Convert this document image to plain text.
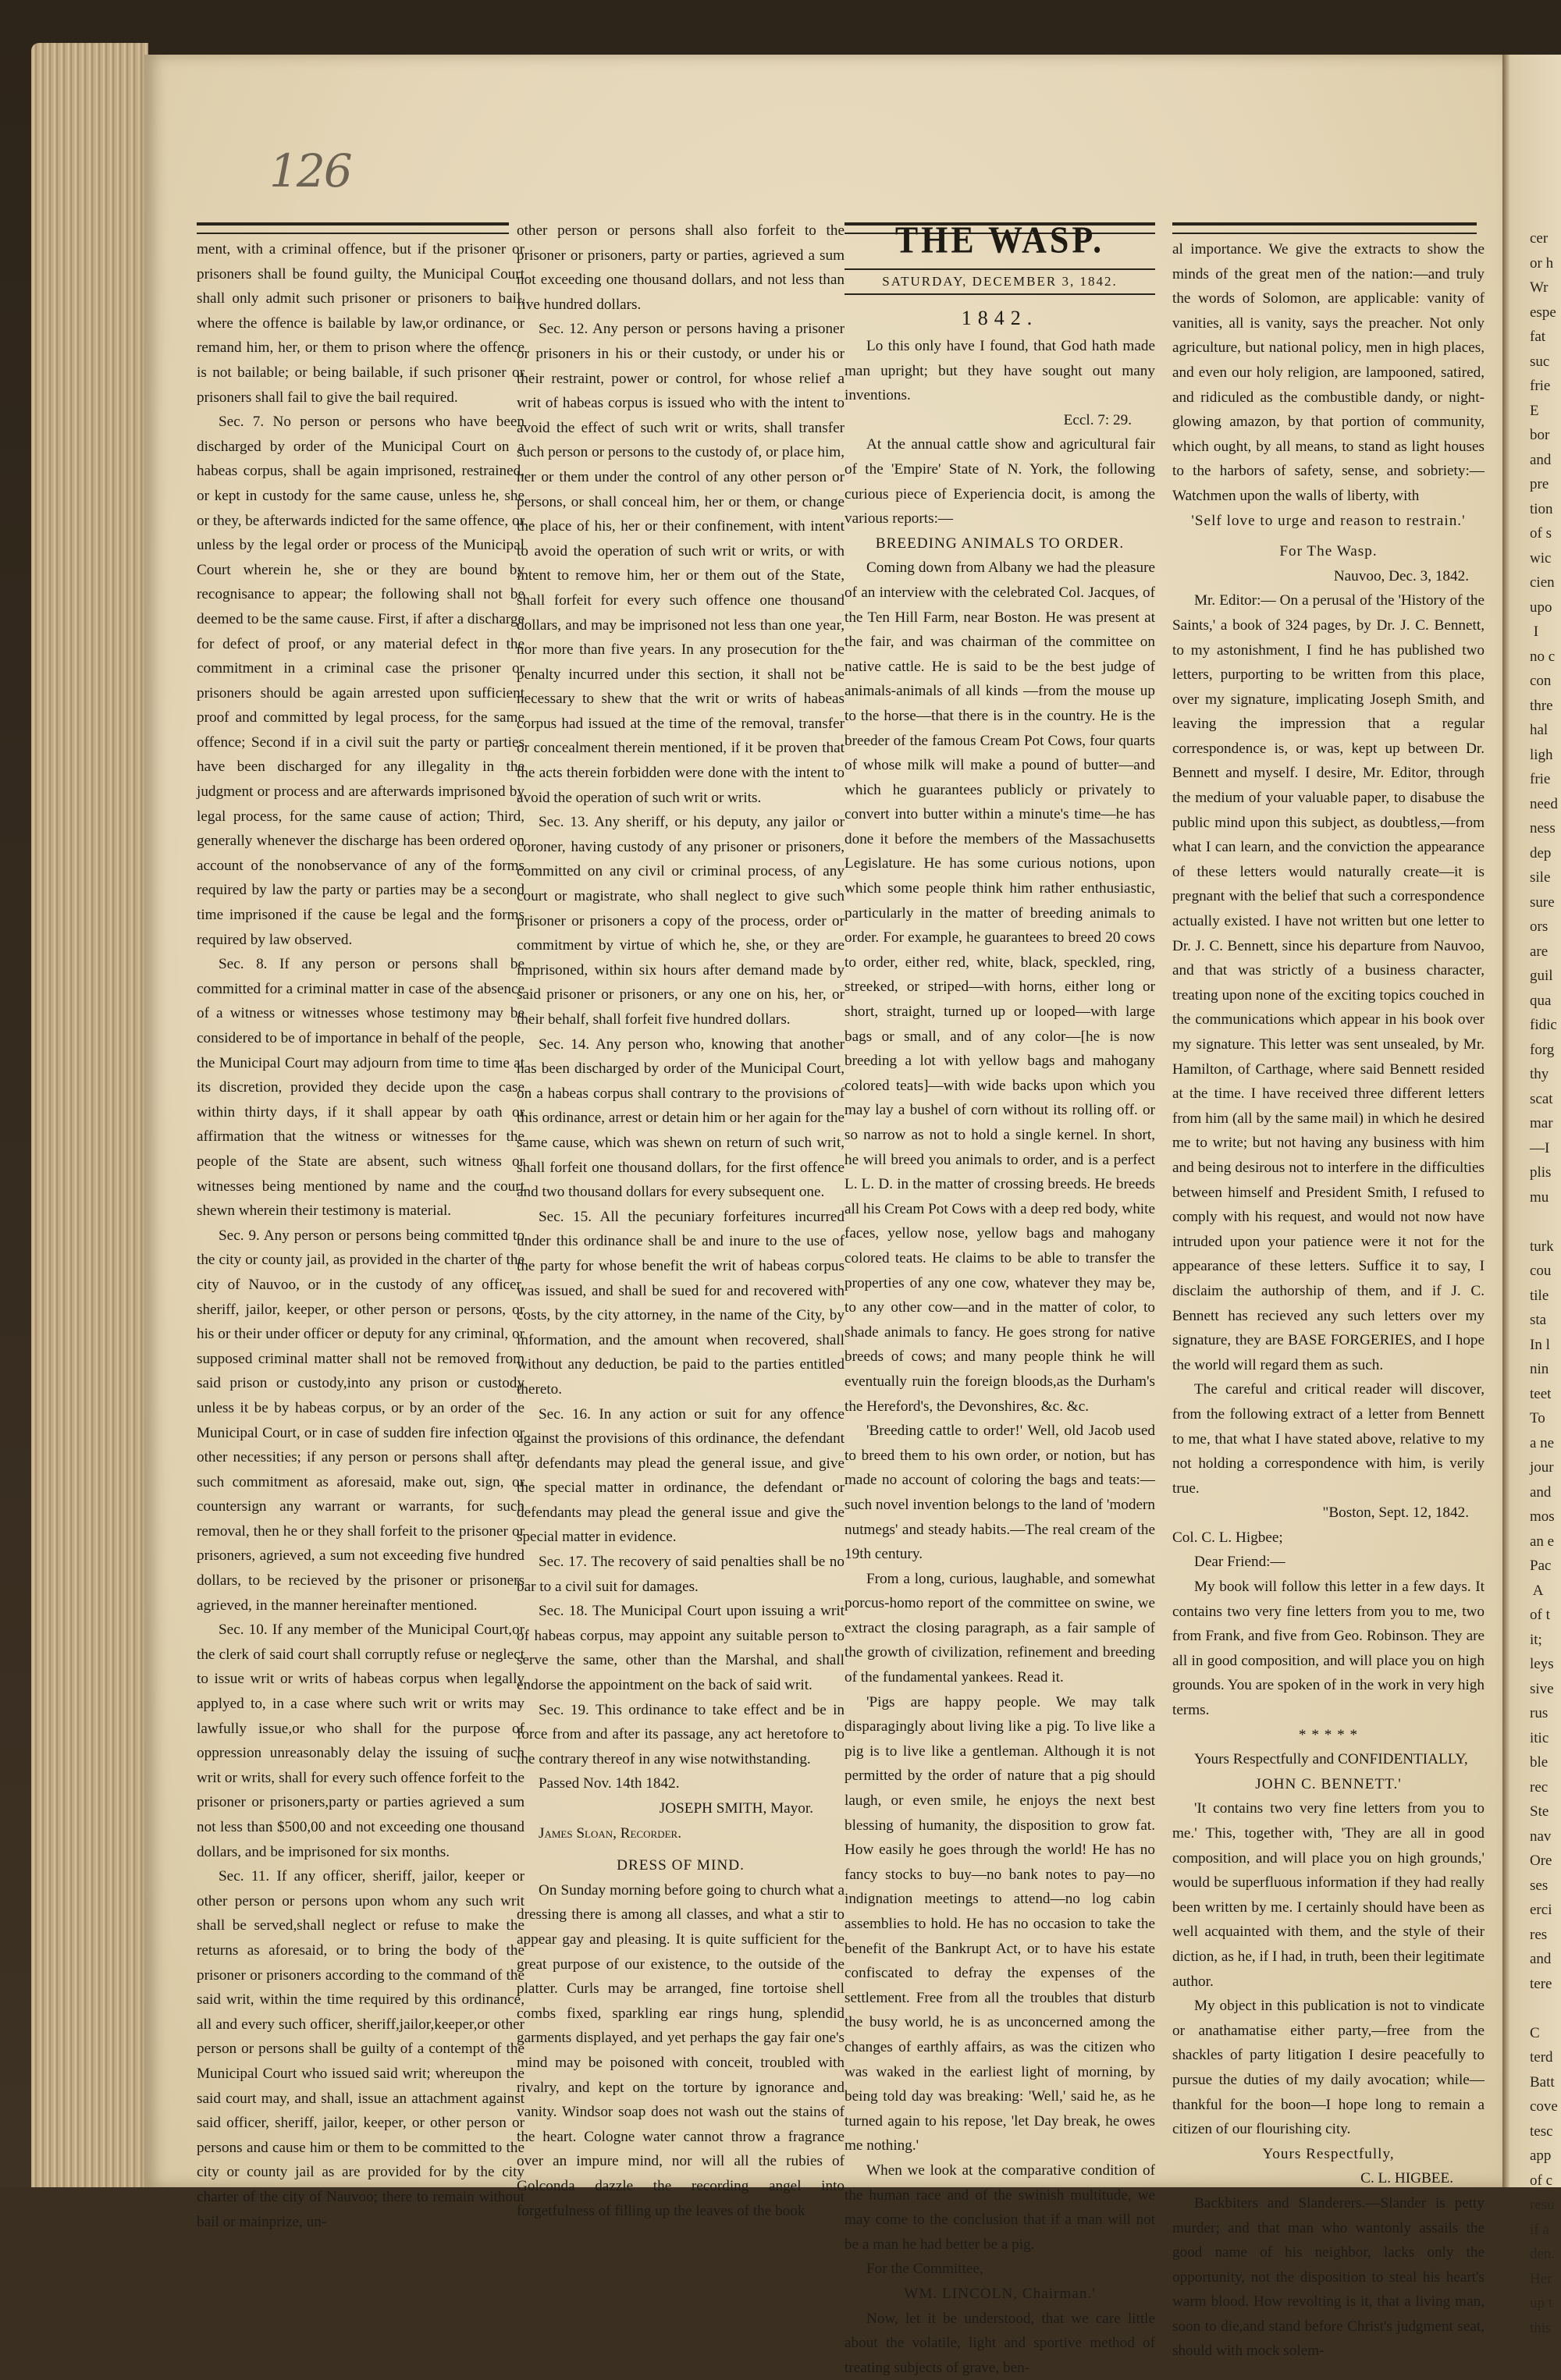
cer
or h
Wr
espe
fat
suc
frie
E
bor
and
pre
tion
of s
wic
cien
upo
I
no c
con
thre
hal
ligh
frie
need
ness
dep
sile
sure
ors
are
guil
qua
fidic
forg
thy
scat
mar
—I
plis
mu

turk
cou
tile
sta
In l
nin
teet
To
a ne
jour
and
mos
an e
Pac
A
of t
it;
leys
sive
rus
itic
ble
rec
Ste
nav
Ore
ses
erci
res
and
tere

C
terd
Batt
cove
tesc
app
of c
resu
if a
den.
Her
up t
this
126

ment, with a criminal offence, but if the prisoner or prisoners shall be found guilty, the Municipal Court shall only admit such prisoner or prisoners to bail, where the offence is bailable by law,or ordinance, or remand him, her, or them to prison where the offence is not bailable; or being bailable, if such prisoner or prisoners shall fail to give the bail required.

Sec. 7. No person or persons who have been discharged by order of the Municipal Court on a habeas corpus, shall be again imprisoned, restrained, or kept in custody for the same cause, unless he, she or they, be afterwards indicted for the same offence, or unless by the legal order or process of the Municipal Court wherein he, she or they are bound by recognisance to appear; the following shall not be deemed to be the same cause. First, if after a discharge for defect of proof, or any material defect in the commitment in a criminal case the prisoner or prisoners should be again arrested upon sufficient proof and committed by legal process, for the same offence; Second if in a civil suit the party or parties have been discharged for any illegality in the judgment or process and are afterwards imprisoned by legal process, for the same cause of action; Third, generally whenever the discharge has been ordered on account of the nonobservance of any of the forms required by law the party or parties may be a second time imprisoned if the cause be legal and the forms required by law observed.

Sec. 8. If any person or persons shall be committed for a criminal matter in case of the absence of a witness or witnesses whose testimony may be considered to be of importance in behalf of the people, the Municipal Court may adjourn from time to time at its discretion, provided they decide upon the case within thirty days, if it shall appear by oath or affirmation that the witness or witnesses for the people of the State are absent, such witness or witnesses being mentioned by name and the court shewn wherein their testimony is material.

Sec. 9. Any person or persons being committed to the city or county jail, as provided in the charter of the city of Nauvoo, or in the custody of any officer, sheriff, jailor, keeper, or other person or persons, or his or their under officer or deputy for any criminal, or supposed criminal matter shall not be removed from said prison or custody,into any prison or custody unless it be by habeas corpus, or by an order of the Municipal Court, or in case of sudden fire infection or other necessities; if any person or persons shall after such commitment as aforesaid, make out, sign, or countersign any warrant or warrants, for such removal, then he or they shall forfeit to the prisoner or prisoners, agrieved, a sum not exceeding five hundred dollars, to be recieved by the prisoner or prisoners agrieved, in the manner hereinafter mentioned.

Sec. 10. If any member of the Municipal Court,or the clerk of said court shall corruptly refuse or neglect to issue writ or writs of habeas corpus when legally applyed to, in a case where such writ or writs may lawfully issue,or who shall for the purpose of oppression unreasonably delay the issuing of such writ or writs, shall for every such offence forfeit to the prisoner or prisoners,party or parties agrieved a sum not less than $500,00 and not exceeding one thousand dollars, and be imprisoned for six months.

Sec. 11. If any officer, sheriff, jailor, keeper or other person or persons upon whom any such writ shall be served,shall neglect or refuse to make the returns as aforesaid, or to bring the body of the prisoner or prisoners according to the command of the said writ, within the time required by this ordinance, all and every such officer, sheriff,jailor,keeper,or other person or persons shall be guilty of a contempt of the Municipal Court who issued said writ; whereupon the said court may, and shall, issue an attachment against said officer, sheriff, jailor, keeper, or other person or persons and cause him or them to be committed to the city or county jail as are provided for by the city charter of the city of Nauvoo; there to remain without bail or mainprize, un-

other person or persons shall also forfeit to the prisoner or prisoners, party or parties, agrieved a sum not exceeding one thousand dollars, and not less than five hundred dollars.

Sec. 12. Any person or persons having a prisoner or prisoners in his or their custody, or under his or their restraint, power or control, for whose relief a writ of habeas corpus is issued who with the intent to avoid the effect of such writ or writs, shall transfer such person or persons to the custody of, or place him, her or them under the control of any other person or persons, or shall conceal him, her or them, or change the place of his, her or their confinement, with intent to avoid the operation of such writ or writs, or with intent to remove him, her or them out of the State, shall forfeit for every such offence one thousand dollars, and may be imprisoned not less than one year, nor more than five years. In any prosecution for the penalty incurred under this section, it shall not be necessary to shew that the writ or writs of habeas corpus had issued at the time of the removal, transfer or concealment therein mentioned, if it be proven that the acts therein forbidden were done with the intent to avoid the operation of such writ or writs.

Sec. 13. Any sheriff, or his deputy, any jailor or coroner, having custody of any prisoner or prisoners, committed on any civil or criminal process, of any court or magistrate, who shall neglect to give such prisoner or prisoners a copy of the process, order or commitment by virtue of which he, she, or they are imprisoned, within six hours after demand made by said prisoner or prisoners, or any one on his, her, or their behalf, shall forfeit five hundred dollars.

Sec. 14. Any person who, knowing that another has been discharged by order of the Municipal Court, on a habeas corpus shall contrary to the provisions of this ordinance, arrest or detain him or her again for the same cause, which was shewn on return of such writ, shall forfeit one thousand dollars, for the first offence and two thousand dollars for every subsequent one.

Sec. 15. All the pecuniary forfeitures incurred under this ordinance shall be and inure to the use of the party for whose benefit the writ of habeas corpus was issued, and shall be sued for and recovered with costs, by the city attorney, in the name of the City, by information, and the amount when recovered, shall without any deduction, be paid to the parties entitled thereto.

Sec. 16. In any action or suit for any offence against the provisions of this ordinance, the defendant or defendants may plead the general issue, and give the special matter in ordinance, the defendant or defendants may plead the general issue and give the special matter in evidence.

Sec. 17. The recovery of said penalties shall be no bar to a civil suit for damages.

Sec. 18. The Municipal Court upon issuing a writ of habeas corpus, may appoint any suitable person to serve the same, other than the Marshal, and shall endorse the appointment on the back of said writ.

Sec. 19. This ordinance to take effect and be in force from and after its passage, any act heretofore to the contrary thereof in any wise notwithstanding.

Passed Nov. 14th 1842.

JOSEPH SMITH, Mayor.

James Sloan, Recorder.

DRESS OF MIND.

On Sunday morning before going to church what a dressing there is among all classes, and what a stir to appear gay and pleasing. It is quite sufficient for the great purpose of our existence, to the outside of the platter. Curls may be arranged, fine tortoise shell combs fixed, sparkling ear rings hung, splendid garments displayed, and yet perhaps the gay fair one's mind may be poisoned with conceit, troubled with rivalry, and kept on the torture by ignorance and vanity. Windsor soap does not wash out the stains of the heart. Cologne water cannot throw a fragrance over an impure mind, nor will all the rubies of Golconda dazzle the recording angel into forgetfulness of filling up the leaves of the book

THE WASP.
SATURDAY, DECEMBER 3, 1842.
1842.

Lo this only have I found, that God hath made man upright; but they have sought out many inventions.

Eccl. 7: 29.

At the annual cattle show and agricultural fair of the 'Empire' State of N. York, the following curious piece of Experiencia docit, is among the various reports:—

BREEDING ANIMALS TO ORDER.

Coming down from Albany we had the pleasure of an interview with the celebrated Col. Jacques, of the Ten Hill Farm, near Boston. He was present at the fair, and was chairman of the committee on native cattle. He is said to be the best judge of animals-animals of all kinds —from the mouse up to the horse—that there is in the country. He is the breeder of the famous Cream Pot Cows, four quarts of whose milk will make a pound of butter—and which he guarantees publicly or privately to convert into butter within a minute's time—he has done it before the members of the Massachusetts Legislature. He has some curious notions, upon which some people think him rather enthusiastic, particularly in the matter of breeding animals to order. For example, he guarantees to breed 20 cows to order, either red, white, black, speckled, ring, streeked, or striped—with horns, either long or short, straight, turned up or looped—with large bags or small, and of any color—[he is now breeding a lot with yellow bags and mahogany colored teats]—with wide backs upon which you may lay a bushel of corn without its rolling off. or so narrow as not to hold a single kernel. In short, he will breed you animals to order, and is a perfect L. L. D. in the matter of crossing breeds. He breeds all his Cream Pot Cows with a deep red body, white faces, yellow nose, yellow bags and mahogany colored teats. He claims to be able to transfer the properties of any one cow, whatever they may be, to any other cow—and in the matter of color, to shade animals to fancy. He goes strong for native breeds of cows; and many people think he will eventually ruin the foreign bloods,as the Durham's the Hereford's, the Devonshires, &c. &c.

'Breeding cattle to order!' Well, old Jacob used to breed them to his own order, or notion, but has made no account of coloring the bags and teats:—such novel invention belongs to the land of 'modern nutmegs' and steady habits.—The real cream of the 19th century.

From a long, curious, laughable, and somewhat porcus-homo report of the committee on swine, we extract the closing paragraph, as a fair sample of the growth of civilization, refinement and breeding of the fundamental yankees. Read it.

'Pigs are happy people. We may talk disparagingly about living like a pig. To live like a pig is to live like a gentleman. Although it is not permitted by the order of nature that a pig should laugh, or even smile, he enjoys the next best blessing of humanity, the disposition to grow fat. How easily he goes through the world! He has no fancy stocks to buy—no bank notes to pay—no indignation meetings to attend—no log cabin assemblies to hold. He has no occasion to take the benefit of the Bankrupt Act, or to have his estate confiscated to defray the expenses of the settlement. Free from all the troubles that disturb the busy world, he is as unconcerned among the changes of earthly affairs, as was the citizen who was waked in the earliest light of morning, by being told day was breaking: 'Well,' said he, as he turned again to his repose, 'let Day break, he owes me nothing.'

When we look at the comparative condition of the human race and of the swinish multitude, we may come to the conclusion that if a man will not be a man he had better be a pig.

For the Committee,

WM. LINCOLN, Chairman.'

Now, let it be understood, that we care little about the volatile, light and sportive method of treating subjects of grave, ben-

al importance. We give the extracts to show the minds of the great men of the nation:—and truly the words of Solomon, are applicable: vanity of vanities, all is vanity, says the preacher. Not only agriculture, but national policy, men in high places, and even our holy religion, are lampooned, satired, and ridiculed as the combustible dandy, or night-glowing amazon, by that portion of community, which ought, by all means, to stand as light houses to the harbors of safety, sense, and sobriety:—Watchmen upon the walls of liberty, with

'Self love to urge and reason to restrain.'

For The Wasp.

Nauvoo, Dec. 3, 1842.

Mr. Editor:— On a perusal of the 'History of the Saints,' a book of 324 pages, by Dr. J. C. Bennett, to my astonishment, I find he has published two letters, purporting to be written from this place, over my signature, implicating Joseph Smith, and leaving the impression that a regular correspondence is, or was, kept up between Dr. Bennett and myself. I desire, Mr. Editor, through the medium of your valuable paper, to disabuse the public mind upon this subject, as doubtless,—from what I can learn, and the conviction the appearance of these letters would naturally create—it is pregnant with the belief that such a correspondence actually existed. I have not written but one letter to Dr. J. C. Bennett, since his departure from Nauvoo, and that was strictly of a business character, treating upon none of the exciting topics couched in the communications which appear in his book over my signature. This letter was sent unsealed, by Mr. Hamilton, of Carthage, where said Bennett resided at the time. I have received three different letters from him (all by the same mail) in which he desired me to write; but not having any business with him and being desirous not to interfere in the difficulties between himself and President Smith, I refused to comply with his request, and would not now have intruded upon your patience were it not for the appearance of these letters. Suffice it to say, I disclaim the authorship of them, and if J. C. Bennett has recieved any such letters over my signature, they are BASE FORGERIES, and I hope the world will regard them as such.

The careful and critical reader will discover, from the following extract of a letter from Bennett to me, that what I have stated above, relative to my not holding a correspondence with him, is verily true.

"Boston, Sept. 12, 1842.

Col. C. L. Higbee;

Dear Friend:—

My book will follow this letter in a few days. It contains two very fine letters from you to me, two from Frank, and five from Geo. Robinson. They are all in good composition, and will place you on high grounds. You are spoken of in the work in very high terms.

* * * * *

Yours Respectfully and CONFIDENTIALLY,

JOHN C. BENNETT.'

'It contains two very fine letters from you to me.' This, together with, 'They are all in good composition, and will place you on high grounds,' would be superfluous information if they had really been written by me. I certainly should have been as well acquainted with them, and the style of their diction, as he, if I had, in truth, been their legitimate author.

My object in this publication is not to vindicate or anathamatise either party,—free from the shackles of party litigation I desire peacefully to pursue the duties of my daily avocation; while—thankful for the boon—I hope long to remain a citizen of our flourishing city.

Yours Respectfully,

C. L. HIGBEE.

Backbiters and Slanderers.—Slander is petty murder; and that man who wantonly assails the good name of his neighbor, lacks only the opportunity, not the disposition to steal his heart's warm blood. How revolting is it, that a living man, soon to die,and stand before Christ's judgment seat, should with mock solem-
